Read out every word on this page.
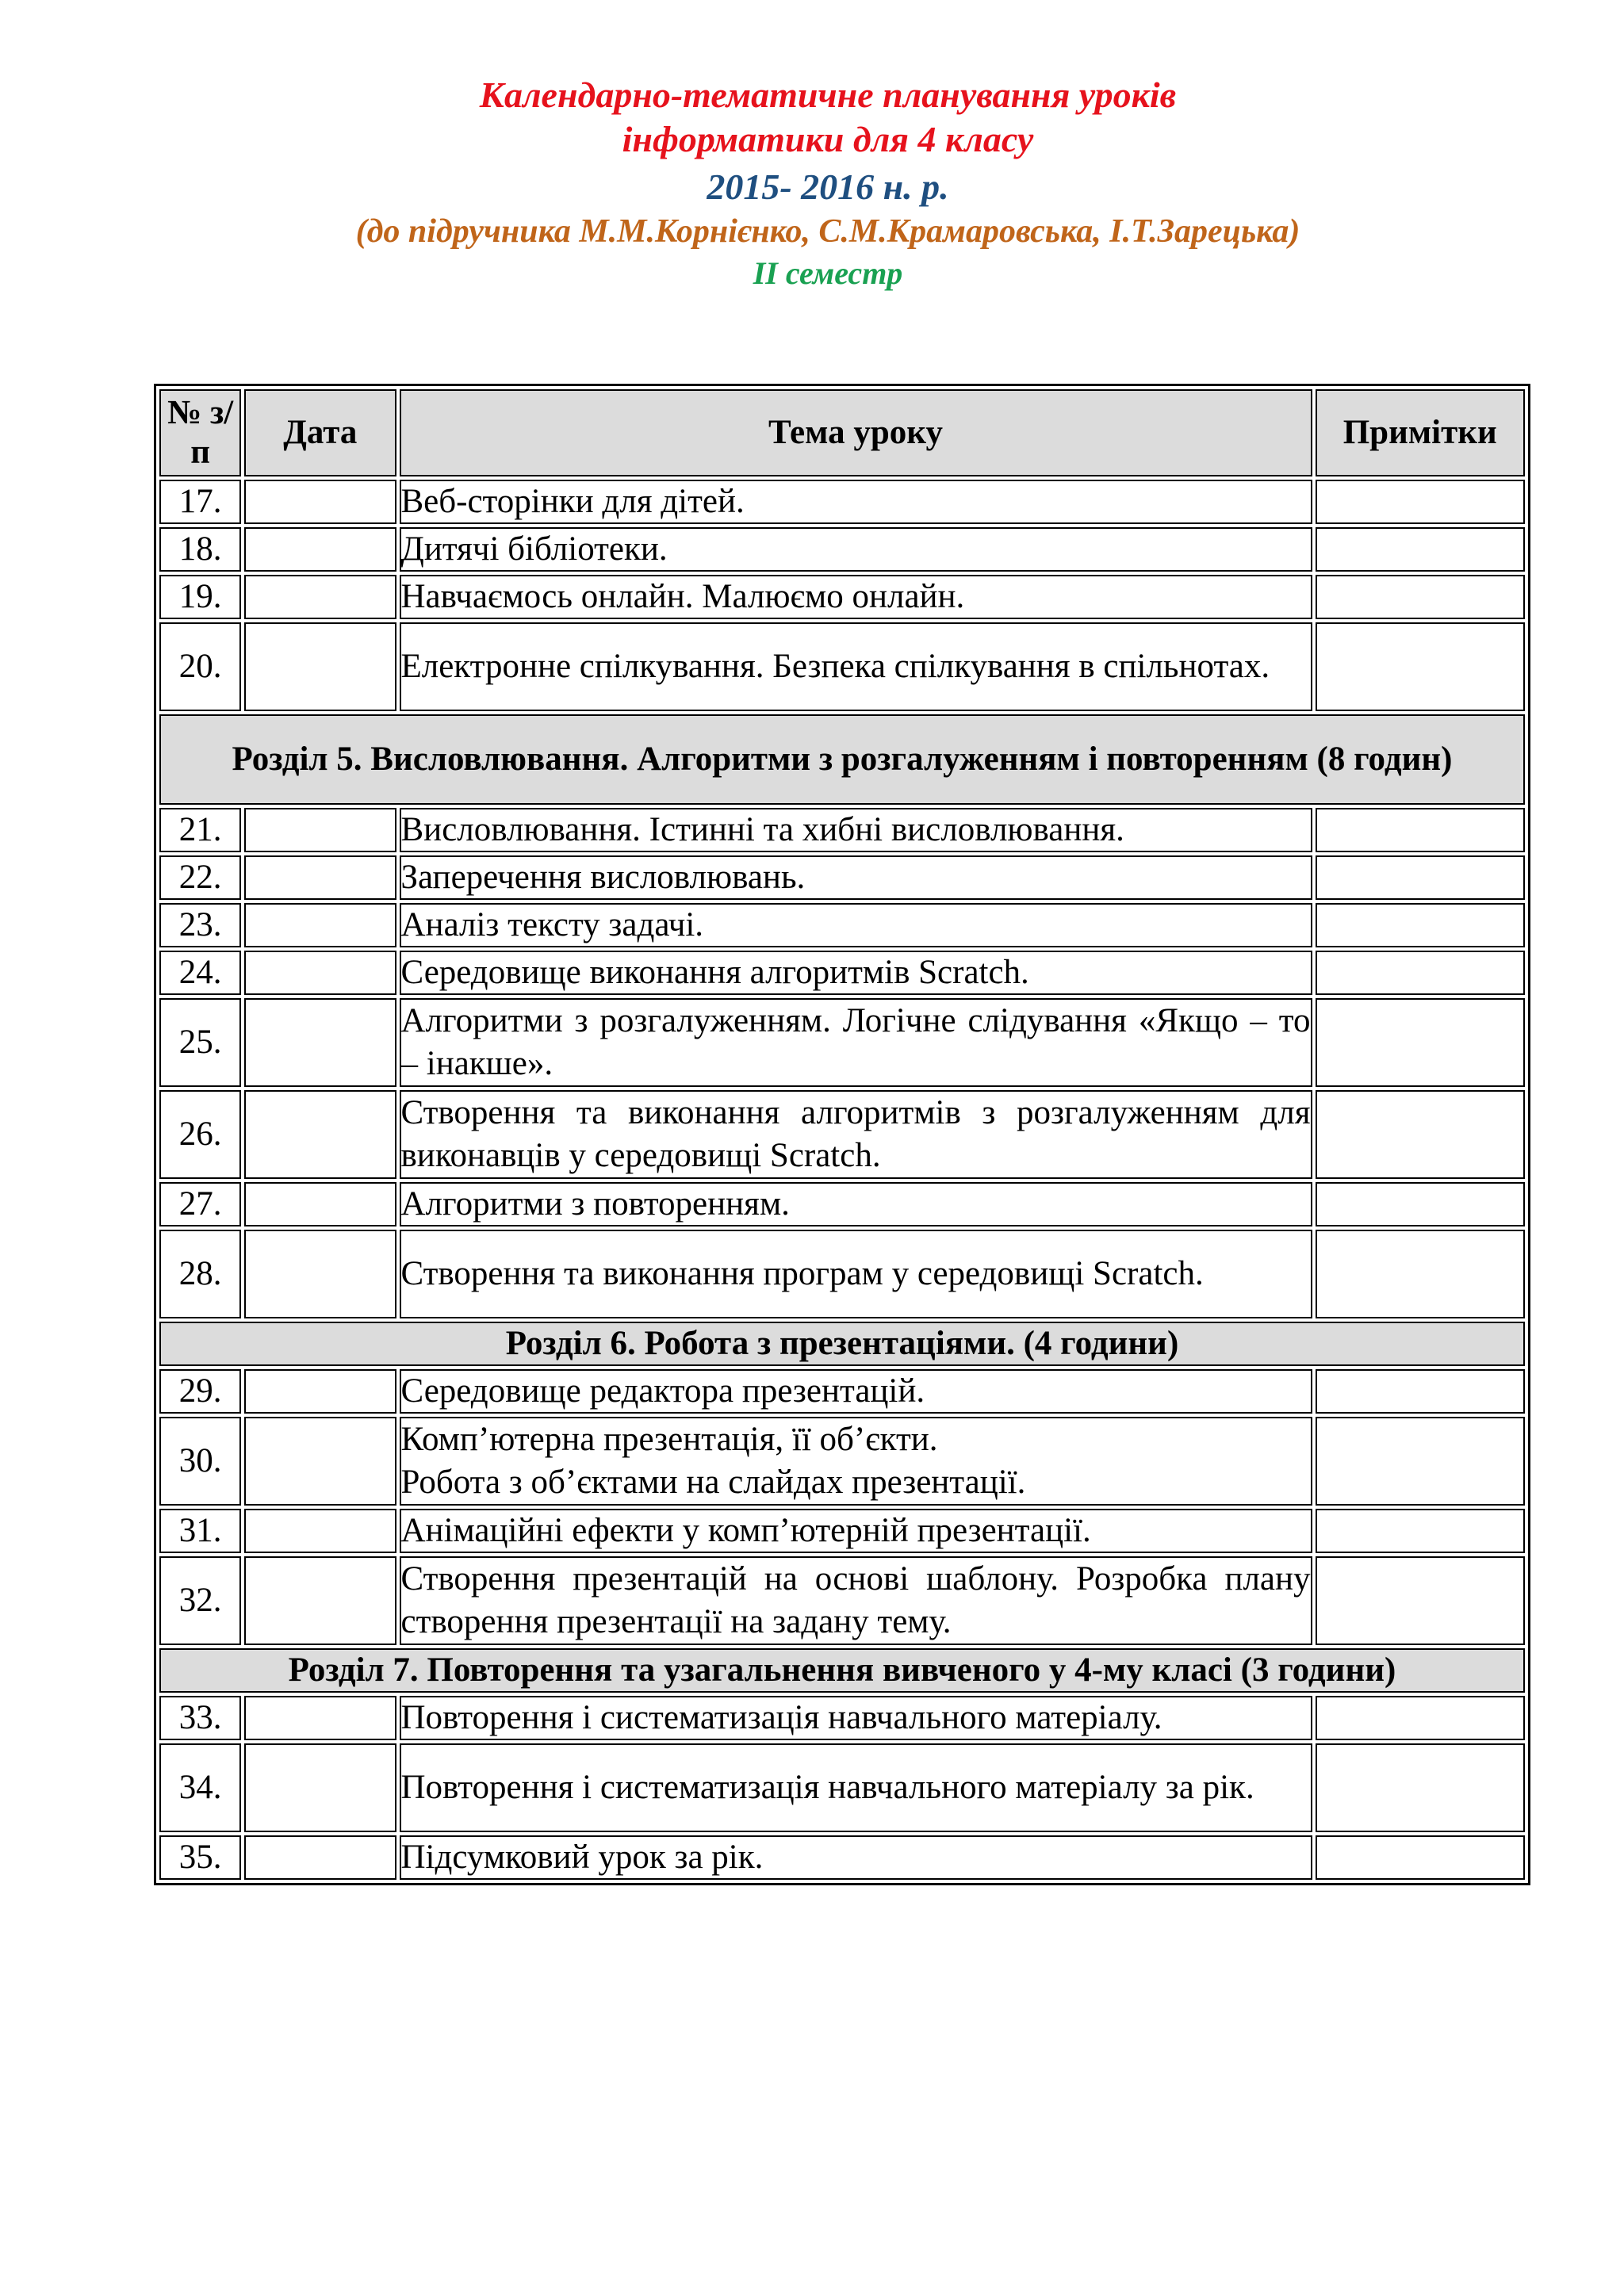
Календарно-тематичне планування уроків

інформатики для 4 класу

2015- 2016 н. р.

(до підручника М.М.Корнієнко, С.М.Крамаровська, І.Т.Зарецька)

ІІ семестр

№ з/п	Дата	Тема уроку	Примітки
17.		Веб-сторінки для дітей.	
18.		Дитячі бібліотеки.	
19.		Навчаємось онлайн. Малюємо онлайн.	
20.		Електронне спілкування. Безпека спілкування в спільнотах.	
Розділ 5. Висловлювання. Алгоритми з розгалуженням і повторенням (8 годин)			
21.		Висловлювання. Істинні та хибні висловлювання.	
22.		Заперечення висловлювань.	
23.		Аналіз тексту задачі.	
24.		Середовище виконання алгоритмів Scratch.	
25.		Алгоритми з розгалуженням. Логічне слідування «Якщо – то – інакше».	
26.		Створення та виконання алгоритмів з розгалуженням для виконавців у середовищі Scratch.	
27.		Алгоритми з повторенням.	
28.		Створення та виконання програм у середовищі Scratch.	
Розділ 6. Робота з презентаціями. (4 години)			
29.		Середовище редактора презентацій.	
30.		Комп’ютерна презентація, її об’єкти.
Робота з об’єктами на слайдах презентації.	

31.		Анімаційні ефекти у комп’ютерній презентації.	
32.		Створення презентацій на основі шаблону. Розробка плану створення презентації на задану тему.	
Розділ 7. Повторення та узагальнення вивченого у 4-му класі (3 години)			
33.		Повторення і систематизація навчального матеріалу.	
34.		Повторення і систематизація навчального матеріалу за рік.	
35.		Підсумковий урок за рік.	
